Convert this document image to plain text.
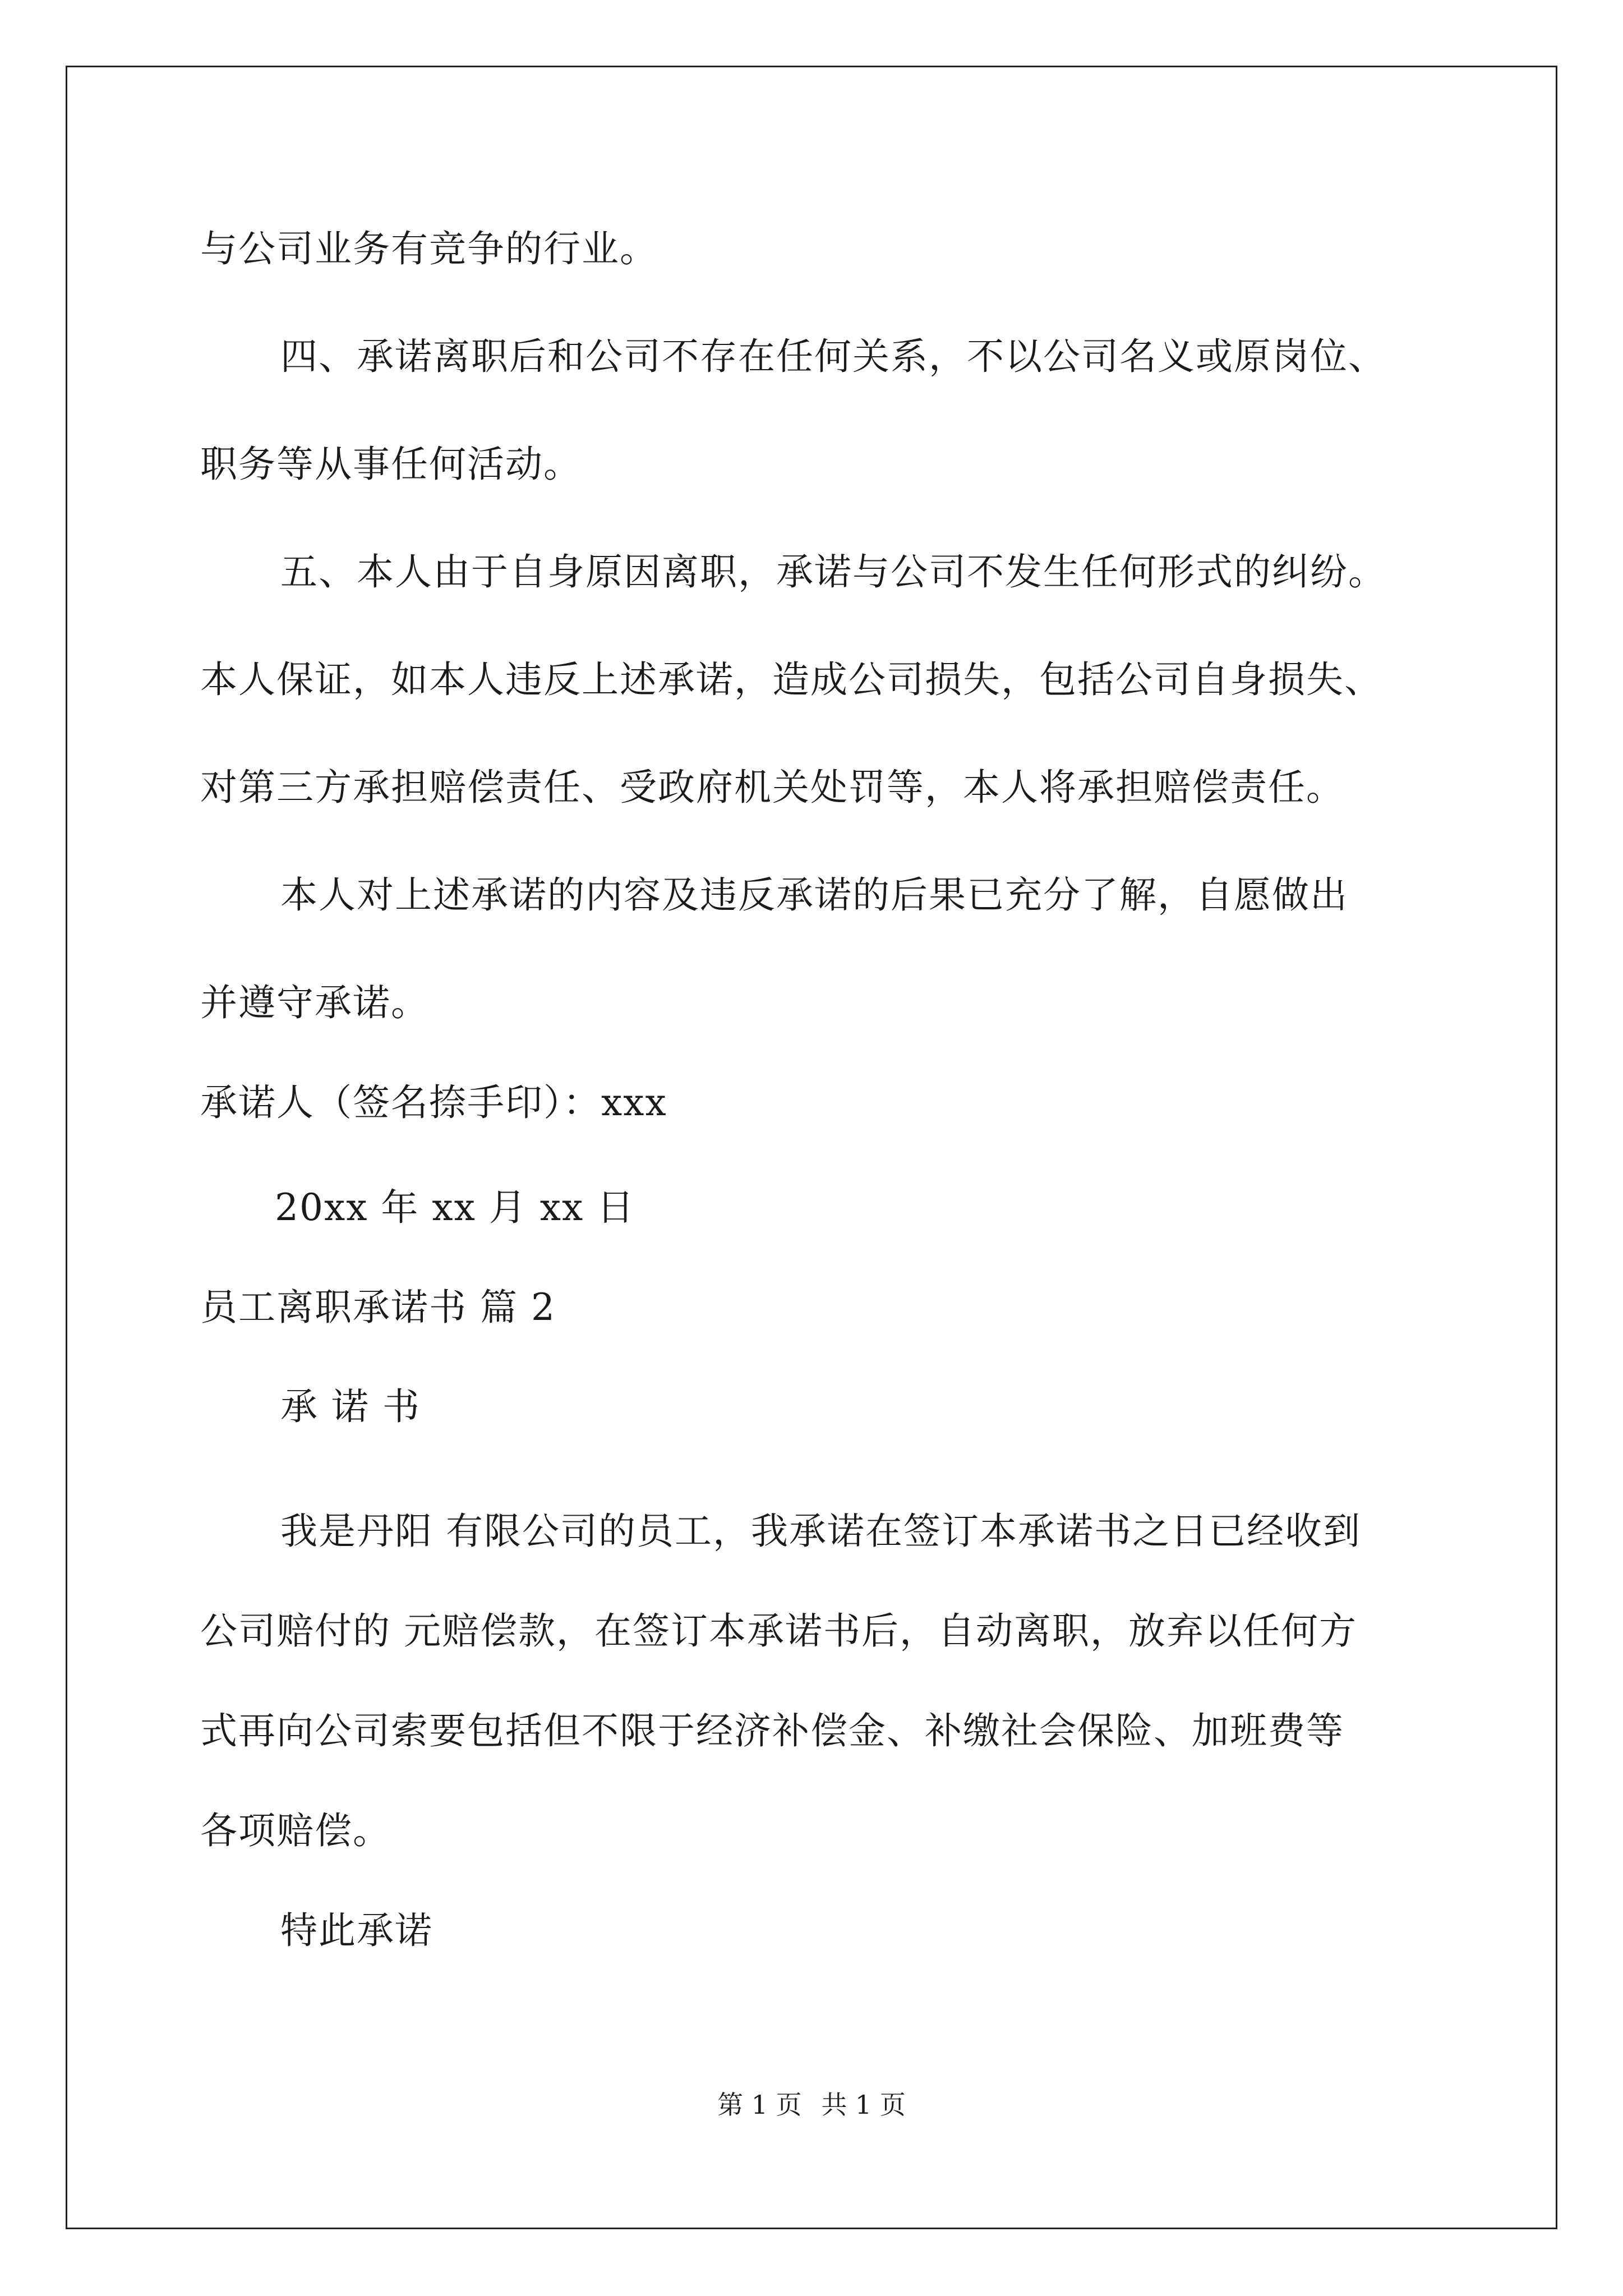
与公司业务有竞争的行业。
四、承诺离职后和公司不存在任何关系，不以公司名义或原岗位、
职务等从事任何活动。
五、本人由于自身原因离职，承诺与公司不发生任何形式的纠纷。
本人保证，如本人违反上述承诺，造成公司损失，包括公司自身损失、
对第三方承担赔偿责任、受政府机关处罚等，本人将承担赔偿责任。
本人对上述承诺的内容及违反承诺的后果已充分了解，自愿做出
并遵守承诺。
承诺人（签名捺手印）：xxx
20xx 年 xx 月 xx 日
员工离职承诺书 篇 2
承 诺 书
我是丹阳 有限公司的员工，我承诺在签订本承诺书之日已经收到
公司赔付的 元赔偿款，在签订本承诺书后，自动离职，放弃以任何方
式再向公司索要包括但不限于经济补偿金、补缴社会保险、加班费等
各项赔偿。
特此承诺
第 1 页 共 1 页
